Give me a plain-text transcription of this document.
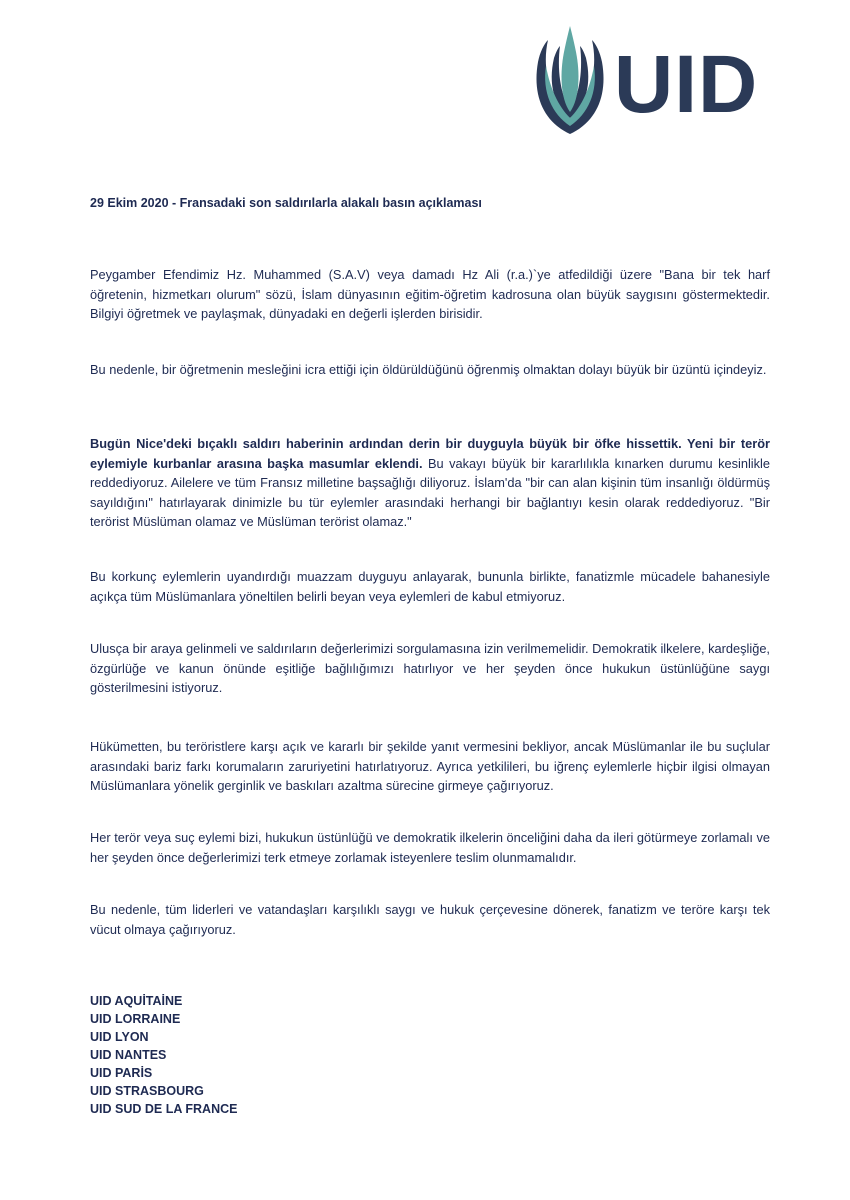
UID
29 Ekim 2020 - Fransadaki son saldırılarla alakalı basın açıklaması
Peygamber Efendimiz Hz. Muhammed (S.A.V) veya damadı Hz Ali (r.a.)`ye atfedildiği üzere "Bana bir tek harf öğretenin, hizmetkarı olurum" sözü, İslam dünyasının eğitim-öğretim kadrosuna olan büyük saygısını göstermektedir. Bilgiyi öğretmek ve paylaşmak, dünyadaki en değerli işlerden birisidir.
Bu nedenle, bir öğretmenin mesleğini icra ettiği için öldürüldüğünü öğrenmiş olmaktan dolayı büyük bir üzüntü içindeyiz.
Bugün Nice'deki bıçaklı saldırı haberinin ardından derin bir duyguyla büyük bir öfke hissettik. Yeni bir terör eylemiyle kurbanlar arasına başka masumlar eklendi. Bu vakayı büyük bir kararlılıkla kınarken durumu kesinlikle reddediyoruz. Ailelere ve tüm Fransız milletine başsağlığı diliyoruz. İslam'da "bir can alan kişinin tüm insanlığı öldürmüş sayıldığını" hatırlayarak dinimizle bu tür eylemler arasındaki herhangi bir bağlantıyı kesin olarak reddediyoruz. "Bir terörist Müslüman olamaz ve Müslüman terörist olamaz."
Bu korkunç eylemlerin uyandırdığı muazzam duyguyu anlayarak, bununla birlikte, fanatizmle mücadele bahanesiyle açıkça tüm Müslümanlara yöneltilen belirli beyan veya eylemleri de kabul etmiyoruz.
Ulusça bir araya gelinmeli ve saldırıların değerlerimizi sorgulamasına izin verilmemelidir. Demokratik ilkelere, kardeşliğe, özgürlüğe ve kanun önünde eşitliğe bağlılığımızı hatırlıyor ve her şeyden önce hukukun üstünlüğüne saygı gösterilmesini istiyoruz.
Hükümetten, bu teröristlere karşı açık ve kararlı bir şekilde yanıt vermesini bekliyor, ancak Müslümanlar ile bu suçlular arasındaki bariz farkı korumaların zaruriyetini hatırlatıyoruz. Ayrıca yetkilileri, bu iğrenç eylemlerle hiçbir ilgisi olmayan Müslümanlara yönelik gerginlik ve baskıları azaltma sürecine girmeye çağırıyoruz.
Her terör veya suç eylemi bizi, hukukun üstünlüğü ve demokratik ilkelerin önceliğini daha da ileri götürmeye zorlamalı ve her şeyden önce değerlerimizi terk etmeye zorlamak isteyenlere teslim olunmamalıdır.
Bu nedenle, tüm liderleri ve vatandaşları karşılıklı saygı ve hukuk çerçevesine dönerek, fanatizm ve teröre karşı tek vücut olmaya çağırıyoruz.
UID AQUİTAİNE
UID LORRAINE
UID LYON
UID NANTES
UID PARİS
UID STRASBOURG
UID SUD DE LA FRANCE
